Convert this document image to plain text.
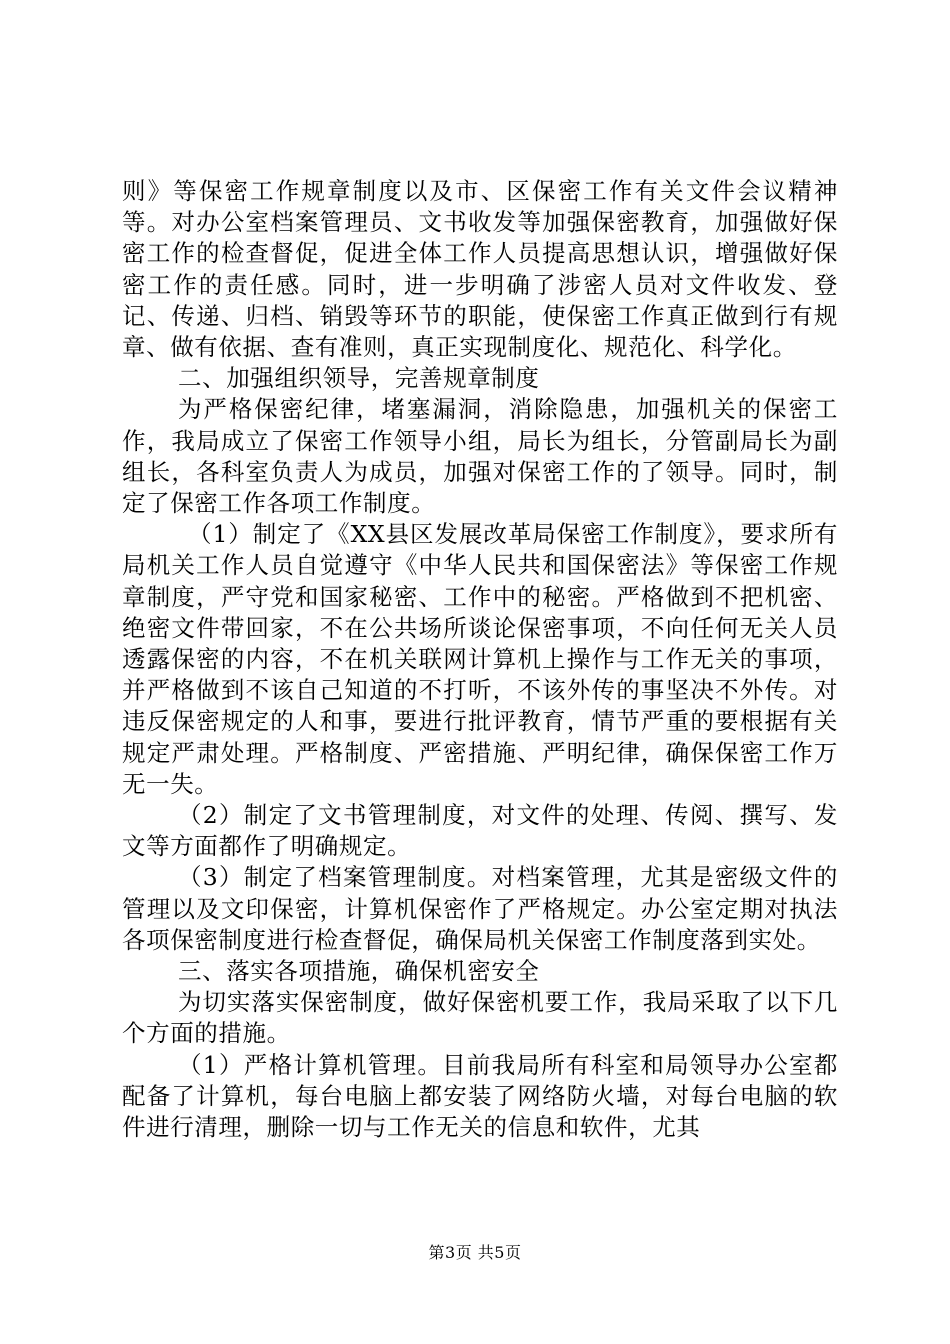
则》等保密工作规章制度以及市、区保密工作有关文件会议精神等。对办公室档案管理员、文书收发等加强保密教育，加强做好保密工作的检查督促，促进全体工作人员提高思想认识，增强做好保密工作的责任感。同时，进一步明确了涉密人员对文件收发、登记、传递、归档、销毁等环节的职能，使保密工作真正做到行有规章、做有依据、查有准则，真正实现制度化、规范化、科学化。

二、加强组织领导，完善规章制度

为严格保密纪律，堵塞漏洞，消除隐患，加强机关的保密工作，我局成立了保密工作领导小组，局长为组长，分管副局长为副组长，各科室负责人为成员，加强对保密工作的了领导。同时，制定了保密工作各项工作制度。

（1）制定了《XX县区发展改革局保密工作制度》，要求所有局机关工作人员自觉遵守《中华人民共和国保密法》等保密工作规章制度，严守党和国家秘密、工作中的秘密。严格做到不把机密、绝密文件带回家，不在公共场所谈论保密事项，不向任何无关人员透露保密的内容，不在机关联网计算机上操作与工作无关的事项，并严格做到不该自己知道的不打听，不该外传的事坚决不外传。对违反保密规定的人和事，要进行批评教育，情节严重的要根据有关规定严肃处理。严格制度、严密措施、严明纪律，确保保密工作万无一失。

（2）制定了文书管理制度，对文件的处理、传阅、撰写、发文等方面都作了明确规定。

（3）制定了档案管理制度。对档案管理，尤其是密级文件的管理以及文印保密，计算机保密作了严格规定。办公室定期对执法各项保密制度进行检查督促，确保局机关保密工作制度落到实处。

三、落实各项措施，确保机密安全

为切实落实保密制度，做好保密机要工作，我局采取了以下几个方面的措施。

（1）严格计算机管理。目前我局所有科室和局领导办公室都配备了计算机，每台电脑上都安装了网络防火墙，对每台电脑的软件进行清理，删除一切与工作无关的信息和软件，尤其

第3页 共5页
